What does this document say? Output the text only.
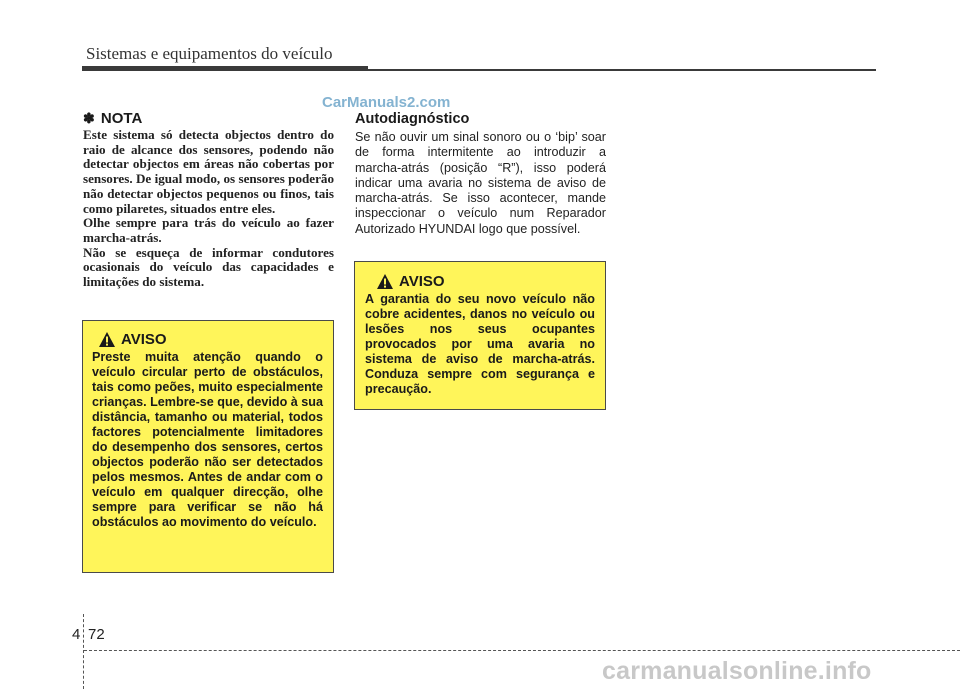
Sistemas e equipamentos do veículo
CarManuals2.com
✽ NOTA

Este sistema só detecta objectos dentro do raio de alcance dos sensores, podendo não detectar objectos em áreas não cobertas por sensores. De igual modo, os sensores poderão não detectar objectos pequenos ou finos, tais como pilaretes, situados entre eles.

Olhe sempre para trás do veículo ao fazer marcha-atrás.

Não se esqueça de informar condutores ocasionais do veículo das capacidades e limitações do sistema.

AVISO
Preste muita atenção quando o veículo circular perto de obstáculos, tais como peões, muito especialmente crianças. Lembre-se que, devido à sua distância, tamanho ou material, todos factores potencialmente limitadores do desempenho dos sensores, certos objectos poderão não ser detectados pelos mesmos. Antes de andar com o veículo em qualquer direcção, olhe sempre para verificar se não há obstáculos ao movimento do veículo.
Autodiagnóstico

Se não ouvir um sinal sonoro ou o ‘bip’ soar de forma intermitente ao introduzir a marcha-atrás (posição “R”), isso poderá indicar uma avaria no sistema de aviso de marcha-atrás. Se isso acontecer, mande inspeccionar o veículo num Reparador Autorizado HYUNDAI logo que possível.

AVISO
A garantia do seu novo veículo não cobre acidentes, danos no veículo ou lesões nos seus ocupantes provocados por uma avaria no sistema de aviso de marcha-atrás. Conduza sempre com segurança e precaução.
4 72
carmanualsonline.info
